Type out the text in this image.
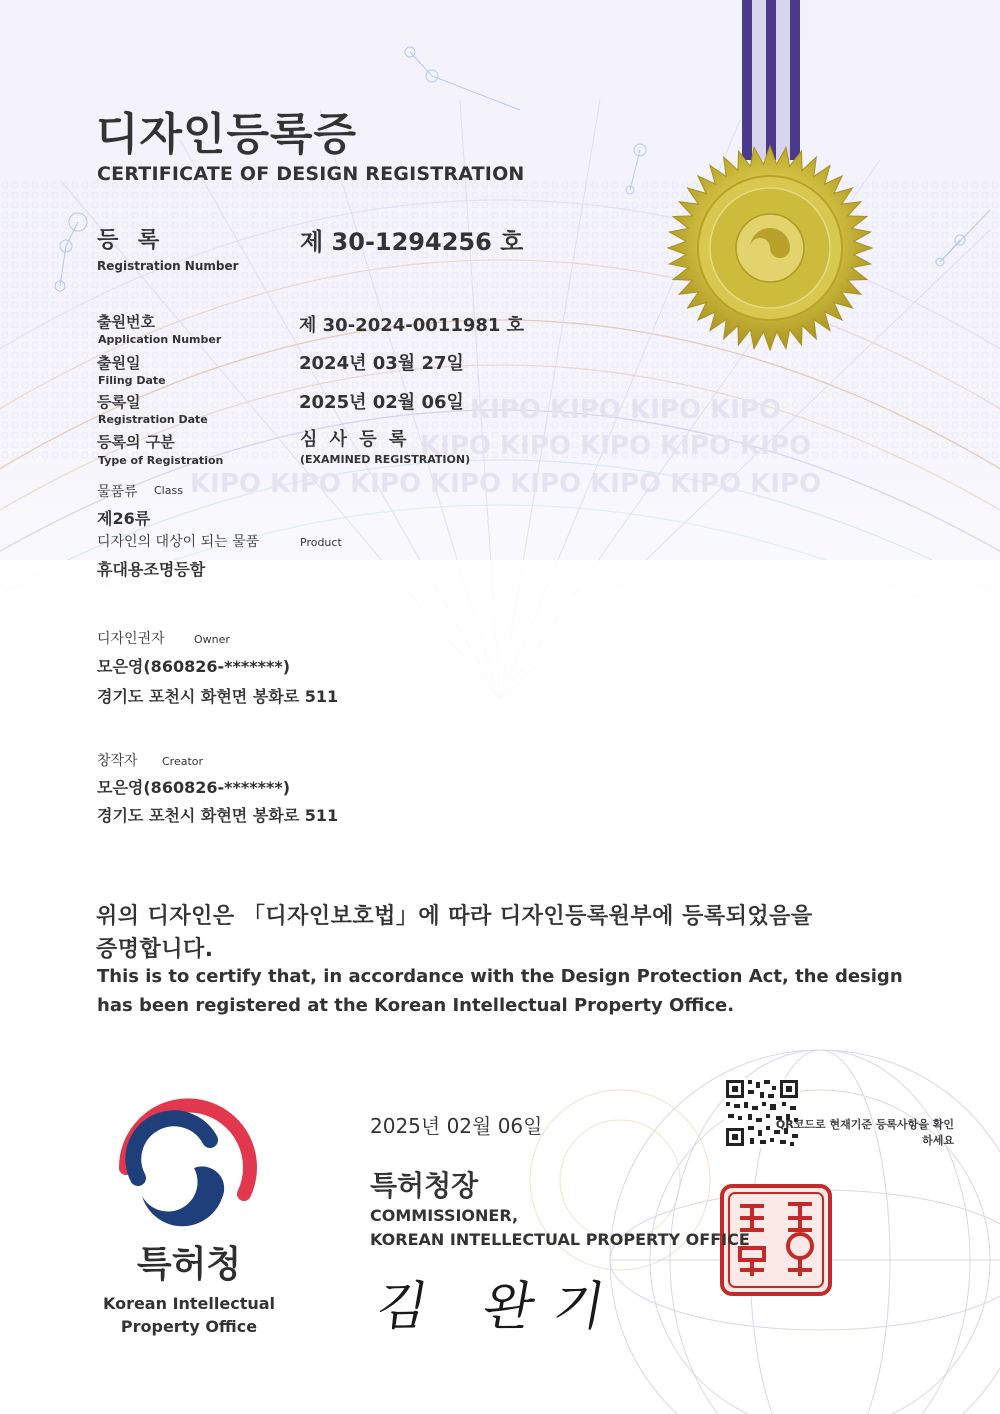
KIPO KIPO KIPO KIPO
KIPO KIPO KIPO KIPO KIPO
KIPO KIPO KIPO KIPO KIPO KIPO KIPO KIPO
디자인등록증
CERTIFICATE OF DESIGN REGISTRATION
등 록
Registration Number
제 30-1294256 호
출원번호
Application Number
제 30-2024-0011981 호
출원일
Filing Date
2024년 03월 27일
등록일
Registration Date
2025년 02월 06일
등록의 구분
Type of Registration
심 사 등 록
(EXAMINED REGISTRATION)
물품류 Class
제26류
디자인의 대상이 되는 물품	Product
휴대용조명등함
디자인권자	Owner
모은영(860826-*******)
경기도 포천시 화현면 봉화로 511
창작자 Creator
모은영(860826-*******)
경기도 포천시 화현면 봉화로 511
위의 디자인은 「디자인보호법」에 따라 디자인등록원부에 등록되었음을
증명합니다.
This is to certify that, in accordance with the Design Protection Act, the design
has been registered at the Korean Intellectual Property Office.
QR코드로 현재기준 등록사항을 확인하세요
2025년 02월 06일
특허청장
COMMISSIONER,
KOREAN INTELLECTUAL PROPERTY OFFICE
김 완기
특허청
Korean Intellectual Property Office
